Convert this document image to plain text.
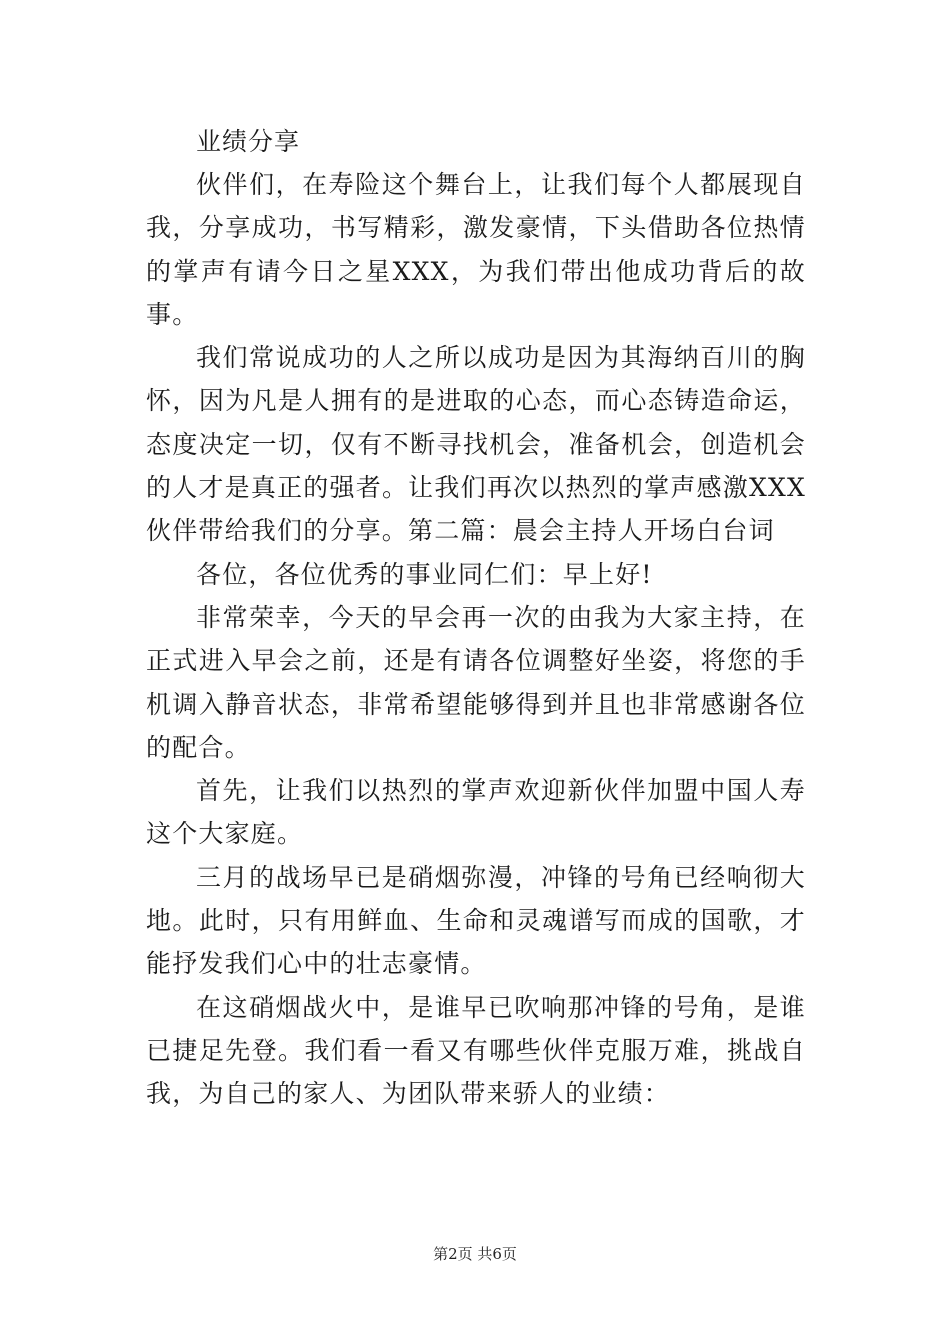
业绩分享

伙伴们，在寿险这个舞台上，让我们每个人都展现自我，分享成功，书写精彩，激发豪情，下头借助各位热情的掌声有请今日之星XXX，为我们带出他成功背后的故事。

我们常说成功的人之所以成功是因为其海纳百川的胸怀，因为凡是人拥有的是进取的心态，而心态铸造命运，态度决定一切，仅有不断寻找机会，准备机会，创造机会的人才是真正的强者。让我们再次以热烈的掌声感激XXX伙伴带给我们的分享。第二篇：晨会主持人开场白台词

各位，各位优秀的事业同仁们：早上好!

非常荣幸，今天的早会再一次的由我为大家主持，在正式进入早会之前，还是有请各位调整好坐姿，将您的手机调入静音状态，非常希望能够得到并且也非常感谢各位的配合。

首先，让我们以热烈的掌声欢迎新伙伴加盟中国人寿这个大家庭。

三月的战场早已是硝烟弥漫，冲锋的号角已经响彻大地。此时，只有用鲜血、生命和灵魂谱写而成的国歌，才能抒发我们心中的壮志豪情。

在这硝烟战火中，是谁早已吹响那冲锋的号角，是谁已捷足先登。我们看一看又有哪些伙伴克服万难，挑战自我，为自己的家人、为团队带来骄人的业绩：

第2页 共6页
